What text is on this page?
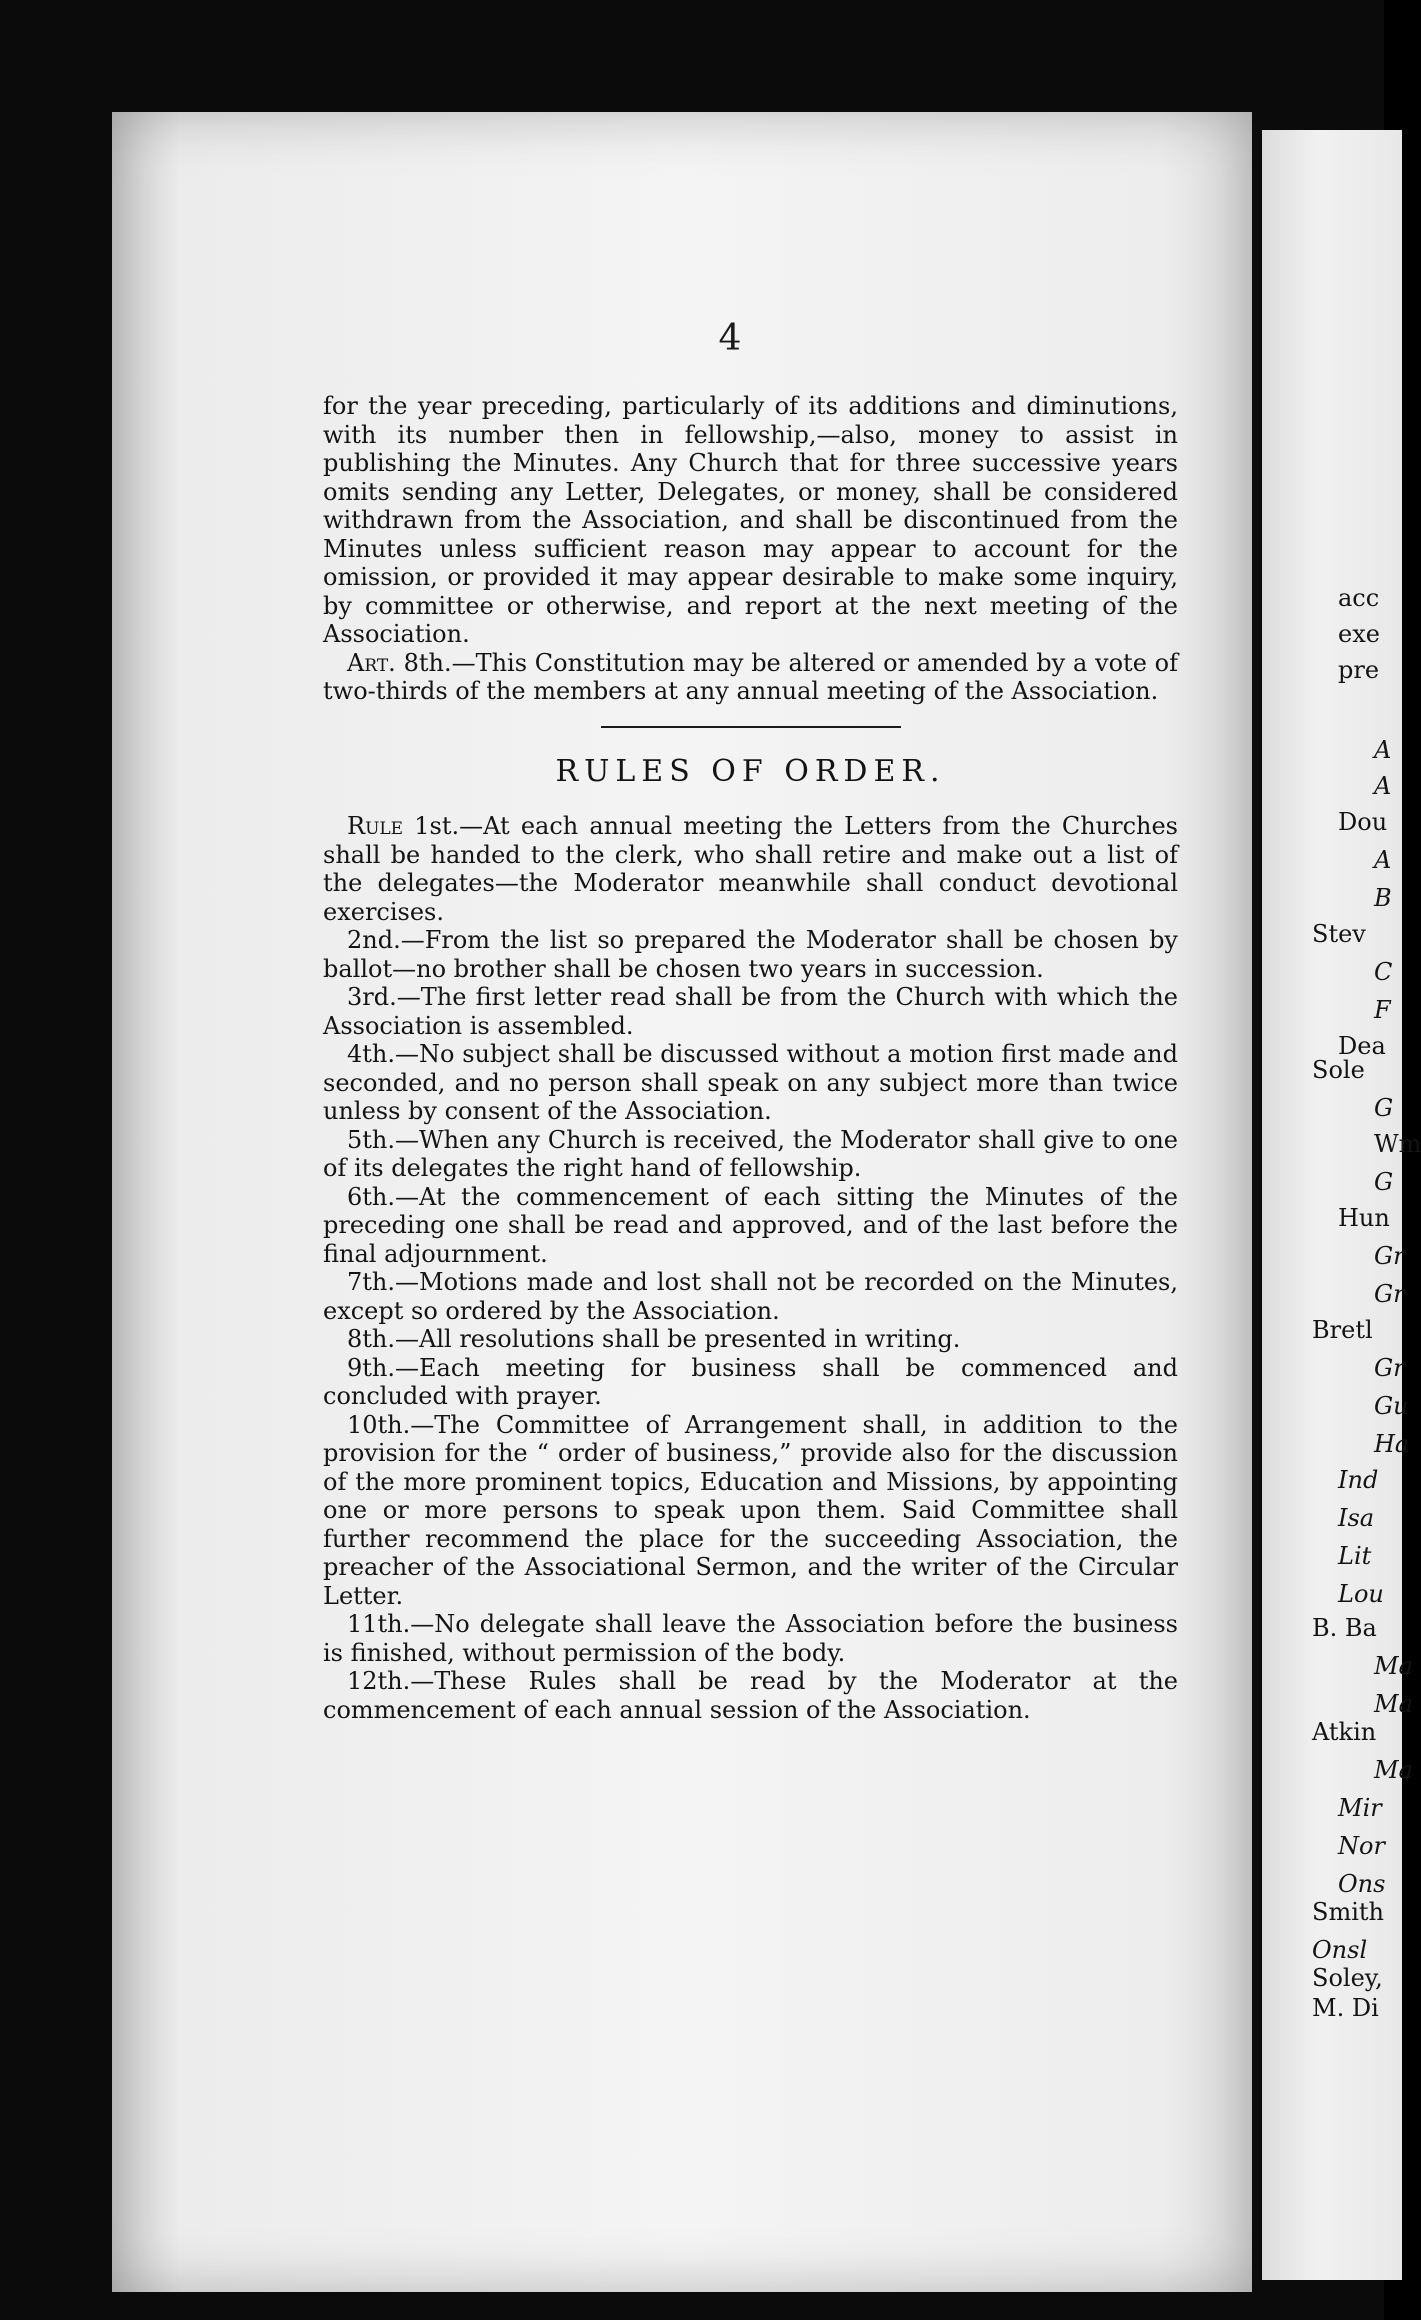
4

for the year preceding, particularly of its additions and diminutions, with its number then in fellowship,—also, money to assist in publishing the Minutes. Any Church that for three successive years omits sending any Letter, Delegates, or money, shall be considered withdrawn from the Association, and shall be discontinued from the Minutes unless sufficient reason may appear to account for the omission, or provided it may appear desirable to make some inquiry, by committee or otherwise, and report at the next meeting of the Association.

Art. 8th.—This Constitution may be altered or amended by a vote of two-thirds of the members at any annual meeting of the Association.

RULES OF ORDER.

Rule 1st.—At each annual meeting the Letters from the Churches shall be handed to the clerk, who shall retire and make out a list of the delegates—the Moderator meanwhile shall conduct devotional exercises.

2nd.—From the list so prepared the Moderator shall be chosen by ballot—no brother shall be chosen two years in succession.

3rd.—The first letter read shall be from the Church with which the Association is assembled.

4th.—No subject shall be discussed without a motion first made and seconded, and no person shall speak on any subject more than twice unless by consent of the Association.

5th.—When any Church is received, the Moderator shall give to one of its delegates the right hand of fellowship.

6th.—At the commencement of each sitting the Minutes of the preceding one shall be read and approved, and of the last before the final adjournment.

7th.—Motions made and lost shall not be recorded on the Minutes, except so ordered by the Association.

8th.—All resolutions shall be presented in writing.

9th.—Each meeting for business shall be commenced and concluded with prayer.

10th.—The Committee of Arrangement shall, in addition to the provision for the “ order of business,” provide also for the discussion of the more prominent topics, Education and Missions, by appointing one or more persons to speak upon them. Said Committee shall further recommend the place for the succeeding Association, the preacher of the Associational Sermon, and the writer of the Circular Letter.

11th.—No delegate shall leave the Association before the business is finished, without permission of the body.

12th.—These Rules shall be read by the Moderator at the commencement of each annual session of the Association.

acc
exe
pre
A
A
Dou
A
B
Stev
C
F
Dea
Sole
G
Wm
G
Hun
Gr
Gr
Bretl
Gr
Gu
Ha
Ind
Isa
Lit
Lou
B. Ba
Ma
Ma
Atkin
Ma
Mir
Nor
Ons
Smith
Onsl
Soley,
M. Di
